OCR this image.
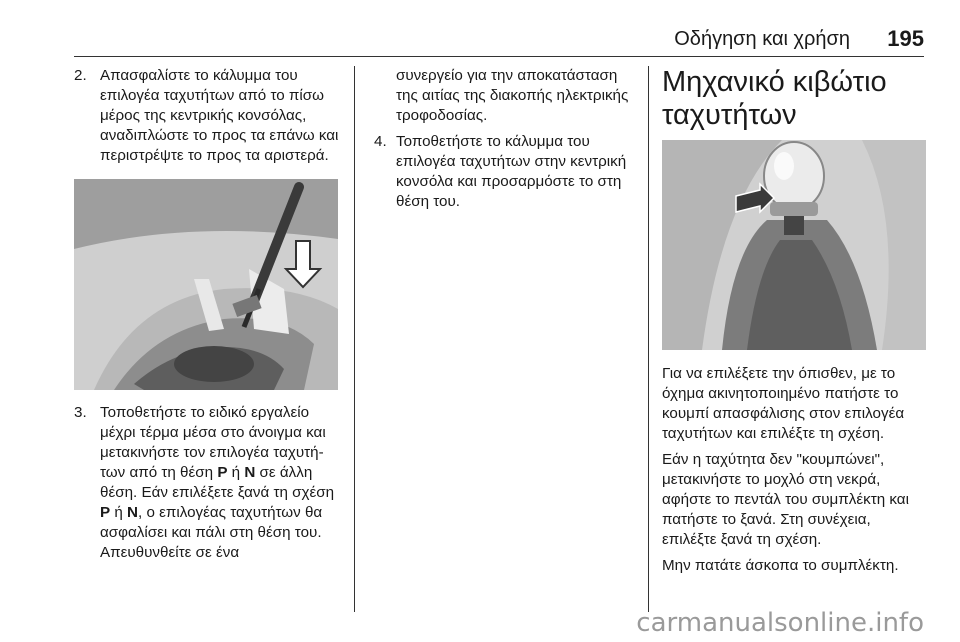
Οδήγηση και χρήση 195
2. Απασφαλίστε το κάλυμμα του επιλογέα ταχυτήτων από το πίσω μέρος της κεντρικής κονσόλας, αναδιπλώστε το προς τα επάνω και περιστρέψτε το προς τα αριστερά.

3. Τοποθετήστε το ειδικό εργαλείο μέχρι τέρμα μέσα στο άνοιγμα και μετακινήστε τον επιλογέα ταχυτήτων από τη θέση P ή N σε άλλη θέση. Εάν επιλέξετε ξανά τη σχέση P ή N, ο επιλογέας ταχυτήτων θα ασφαλίσει και πάλι στη θέση του. Απευθυνθείτε σε ένα

συνεργείο για την αποκατάσταση της αιτίας της διακοπής ηλεκτρικής τροφοδοσίας.

4. Τοποθετήστε το κάλυμμα του επιλογέα ταχυτήτων στην κεντρική κονσόλα και προσαρμόστε το στη θέση του.

Μηχανικό κιβώτιο
ταχυτήτων

Για να επιλέξετε την όπισθεν, με το όχημα ακινητοποιημένο πατήστε το κουμπί απασφάλισης στον επιλογέα ταχυτήτων και επιλέξτε τη σχέση.

Εάν η ταχύτητα δεν "κουμπώνει", μετακινήστε το μοχλό στη νεκρά, αφήστε το πεντάλ του συμπλέκτη και πατήστε το ξανά. Στη συνέχεια, επιλέξτε ξανά τη σχέση.

Μην πατάτε άσκοπα το συμπλέκτη.

carmanualsonline.info
